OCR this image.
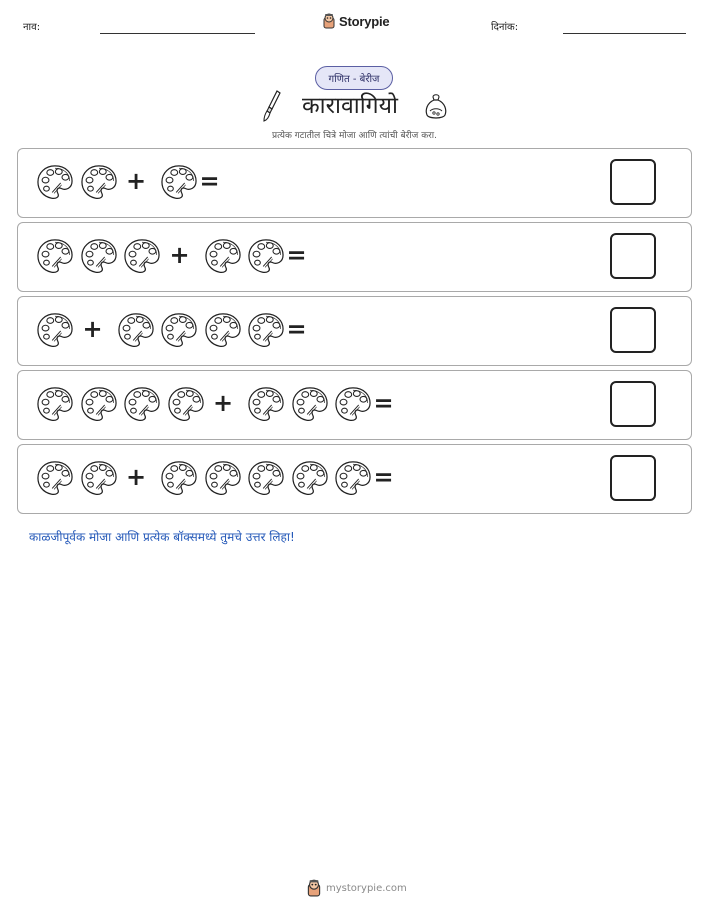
नाव:	Storypie	दिनांक:
गणित - बेरीज
कारावागियो
प्रत्येक गटातील चित्रे मोजा आणि त्यांची बेरीज करा.
+ =
+	=
+	=
+	=
+	=
काळजीपूर्वक मोजा आणि प्रत्येक बॉक्समध्ये तुमचे उत्तर लिहा!
mystorypie.com
